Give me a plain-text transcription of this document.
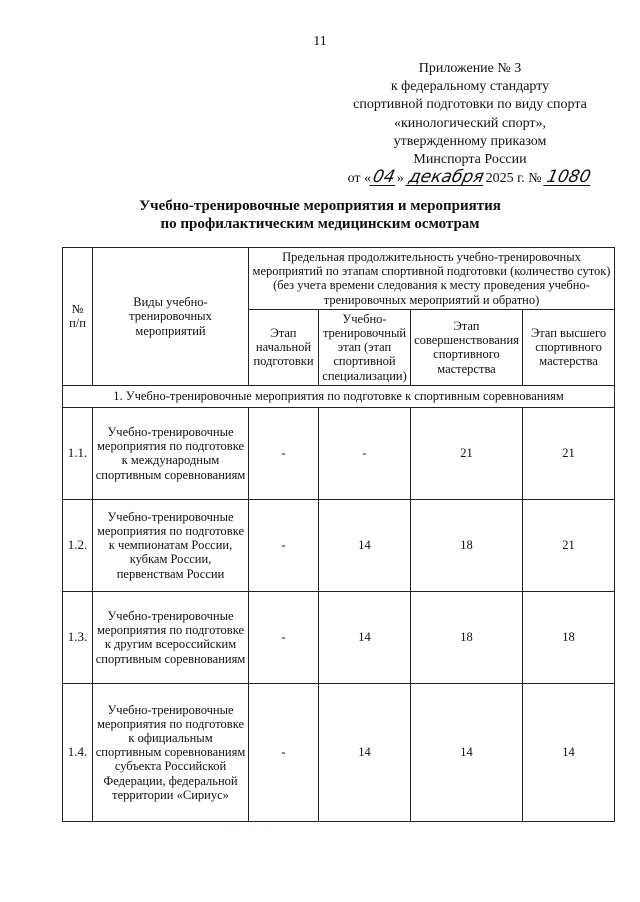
11
Приложение № 3
к федеральному стандарту
спортивной подготовки по виду спорта
«кинологический спорт»,
утвержденному приказом
Минспорта России
от «04» декабря2025 г. № 1080
Учебно-тренировочные мероприятия и мероприятия
по профилактическим медицинским осмотрам
№ п/п	Виды учебно-тренировочных мероприятий	Предельная продолжительность учебно-тренировочных мероприятий по этапам спортивной подготовки (количество суток) (без учета времени следования к месту проведения учебно-тренировочных мероприятий и обратно)			
		Этап начальной подготовки	Учебно-тренировочный этап (этап спортивной специализации)	Этап совершенствования спортивного мастерства	Этап высшего спортивного мастерства
1. Учебно-тренировочные мероприятия по подготовке к спортивным соревнованиям					
1.1.	Учебно-тренировочные мероприятия по подготовке к международным спортивным соревнованиям	-	-	21	21
1.2.	Учебно-тренировочные мероприятия по подготовке к чемпионатам России, кубкам России, первенствам России	-	14	18	21
1.3.	Учебно-тренировочные мероприятия по подготовке к другим всероссийским спортивным соревнованиям	-	14	18	18
1.4.	Учебно-тренировочные мероприятия по подготовке к официальным спортивным соревнованиям субъекта Российской Федерации, федеральной территории «Сириус»	-	14	14	14
· · · ·
